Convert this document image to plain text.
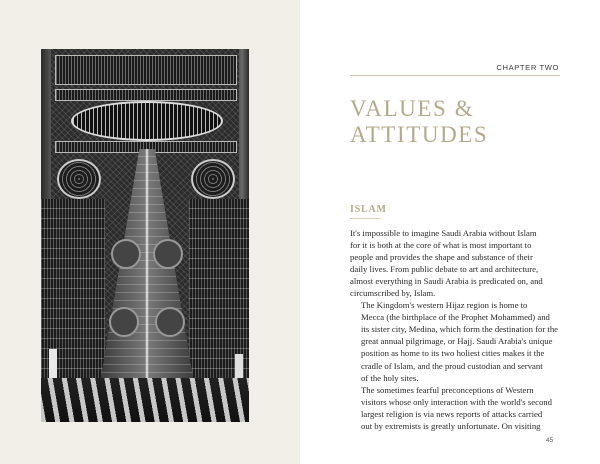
CHAPTER TWO
VALUES &
ATTITUDES
ISLAM

It's impossible to imagine Saudi Arabia without Islam
for it is both at the core of what is most important to
people and provides the shape and substance of their
daily lives. From public debate to art and architecture,
almost everything in Saudi Arabia is predicated on, and
circumscribed by, Islam.

The Kingdom's western Hijaz region is home to
Mecca (the birthplace of the Prophet Mohammed) and
its sister city, Medina, which form the destination for the
great annual pilgrimage, or Hajj. Saudi Arabia's unique
position as home to its two holiest cities makes it the
cradle of Islam, and the proud custodian and servant
of the holy sites.

The sometimes fearful preconceptions of Western
visitors whose only interaction with the world's second
largest religion is via news reports of attacks carried
out by extremists is greatly unfortunate. On visiting

45
